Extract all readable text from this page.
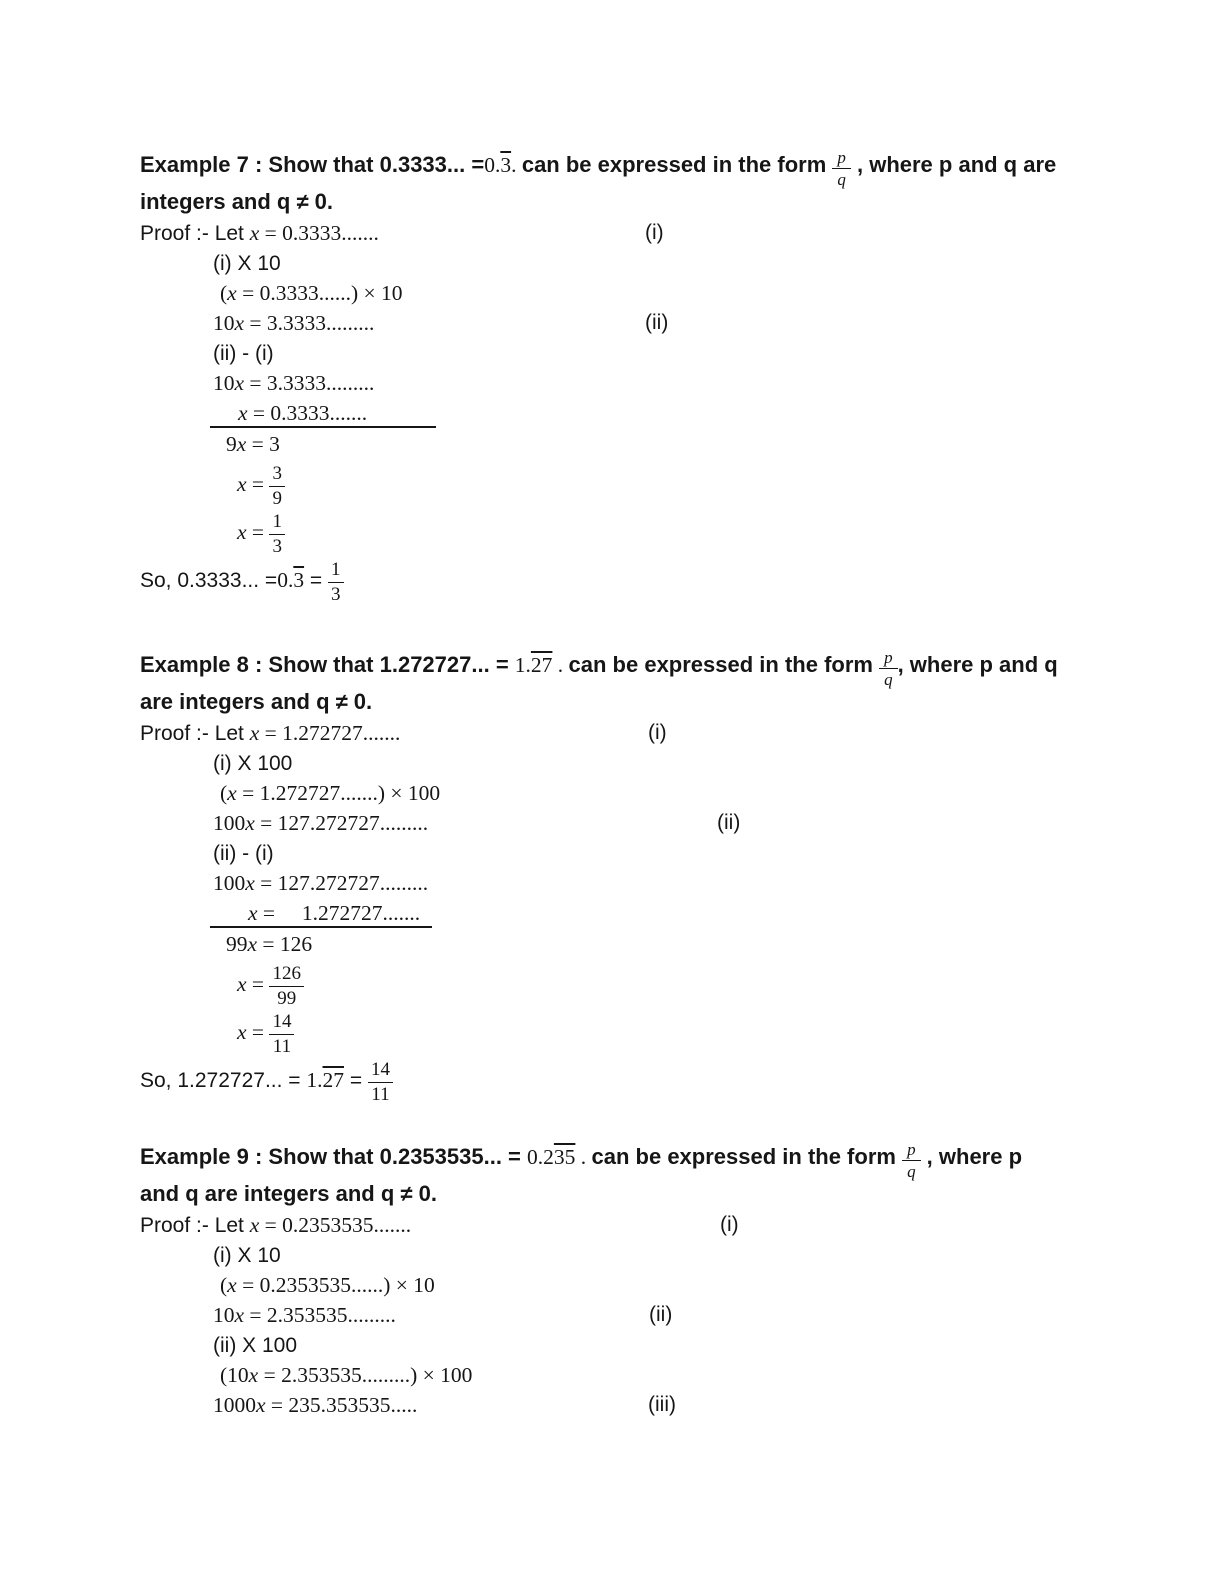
Example 7 : Show that 0.3333... =0.3. can be expressed in the form $\frac{p}{q}$ , where p and q are
integers and q ≠ 0.
Proof :- Let x = 0.3333.......	(i)
(i) X 10
(x = 0.3333......) × 10
10x = 3.3333.........	(ii)
(ii) - (i)
10x = 3.3333.........
x = 0.3333.......
9x = 3
$x = \frac{3}{9}$
$x = \frac{1}{3}$
So, 0.3333... $=0.3 = \frac{1}{3}$
Example 8 : Show that 1.272727... = 1.27 . can be expressed in the form $\frac{p}{q}$ , where p and q
are integers and q ≠ 0.
Proof :- Let x = 1.272727.......	(i)
(i) X 100
(x = 1.272727.......) × 100
100x = 127.272727.........	(ii)
(ii) - (i)
100x = 127.272727.........
x =     1.272727.......
99x = 126
$x = \frac{126}{99}$
$x = \frac{14}{11}$
So, 1.272727... = $1.27 = \frac{14}{11}$
Example 9 : Show that 0.2353535... = 0.235 . can be expressed in the form $\frac{p}{q}$ , where p
and q are integers and q ≠ 0.
Proof :- Let x = 0.2353535.......	(i)
(i) X 10
(x = 0.2353535......) × 10
10x = 2.353535.........	(ii)
(ii) X 100
(10x = 2.353535.........) × 100
1000x = 235.353535.....	(iii)
